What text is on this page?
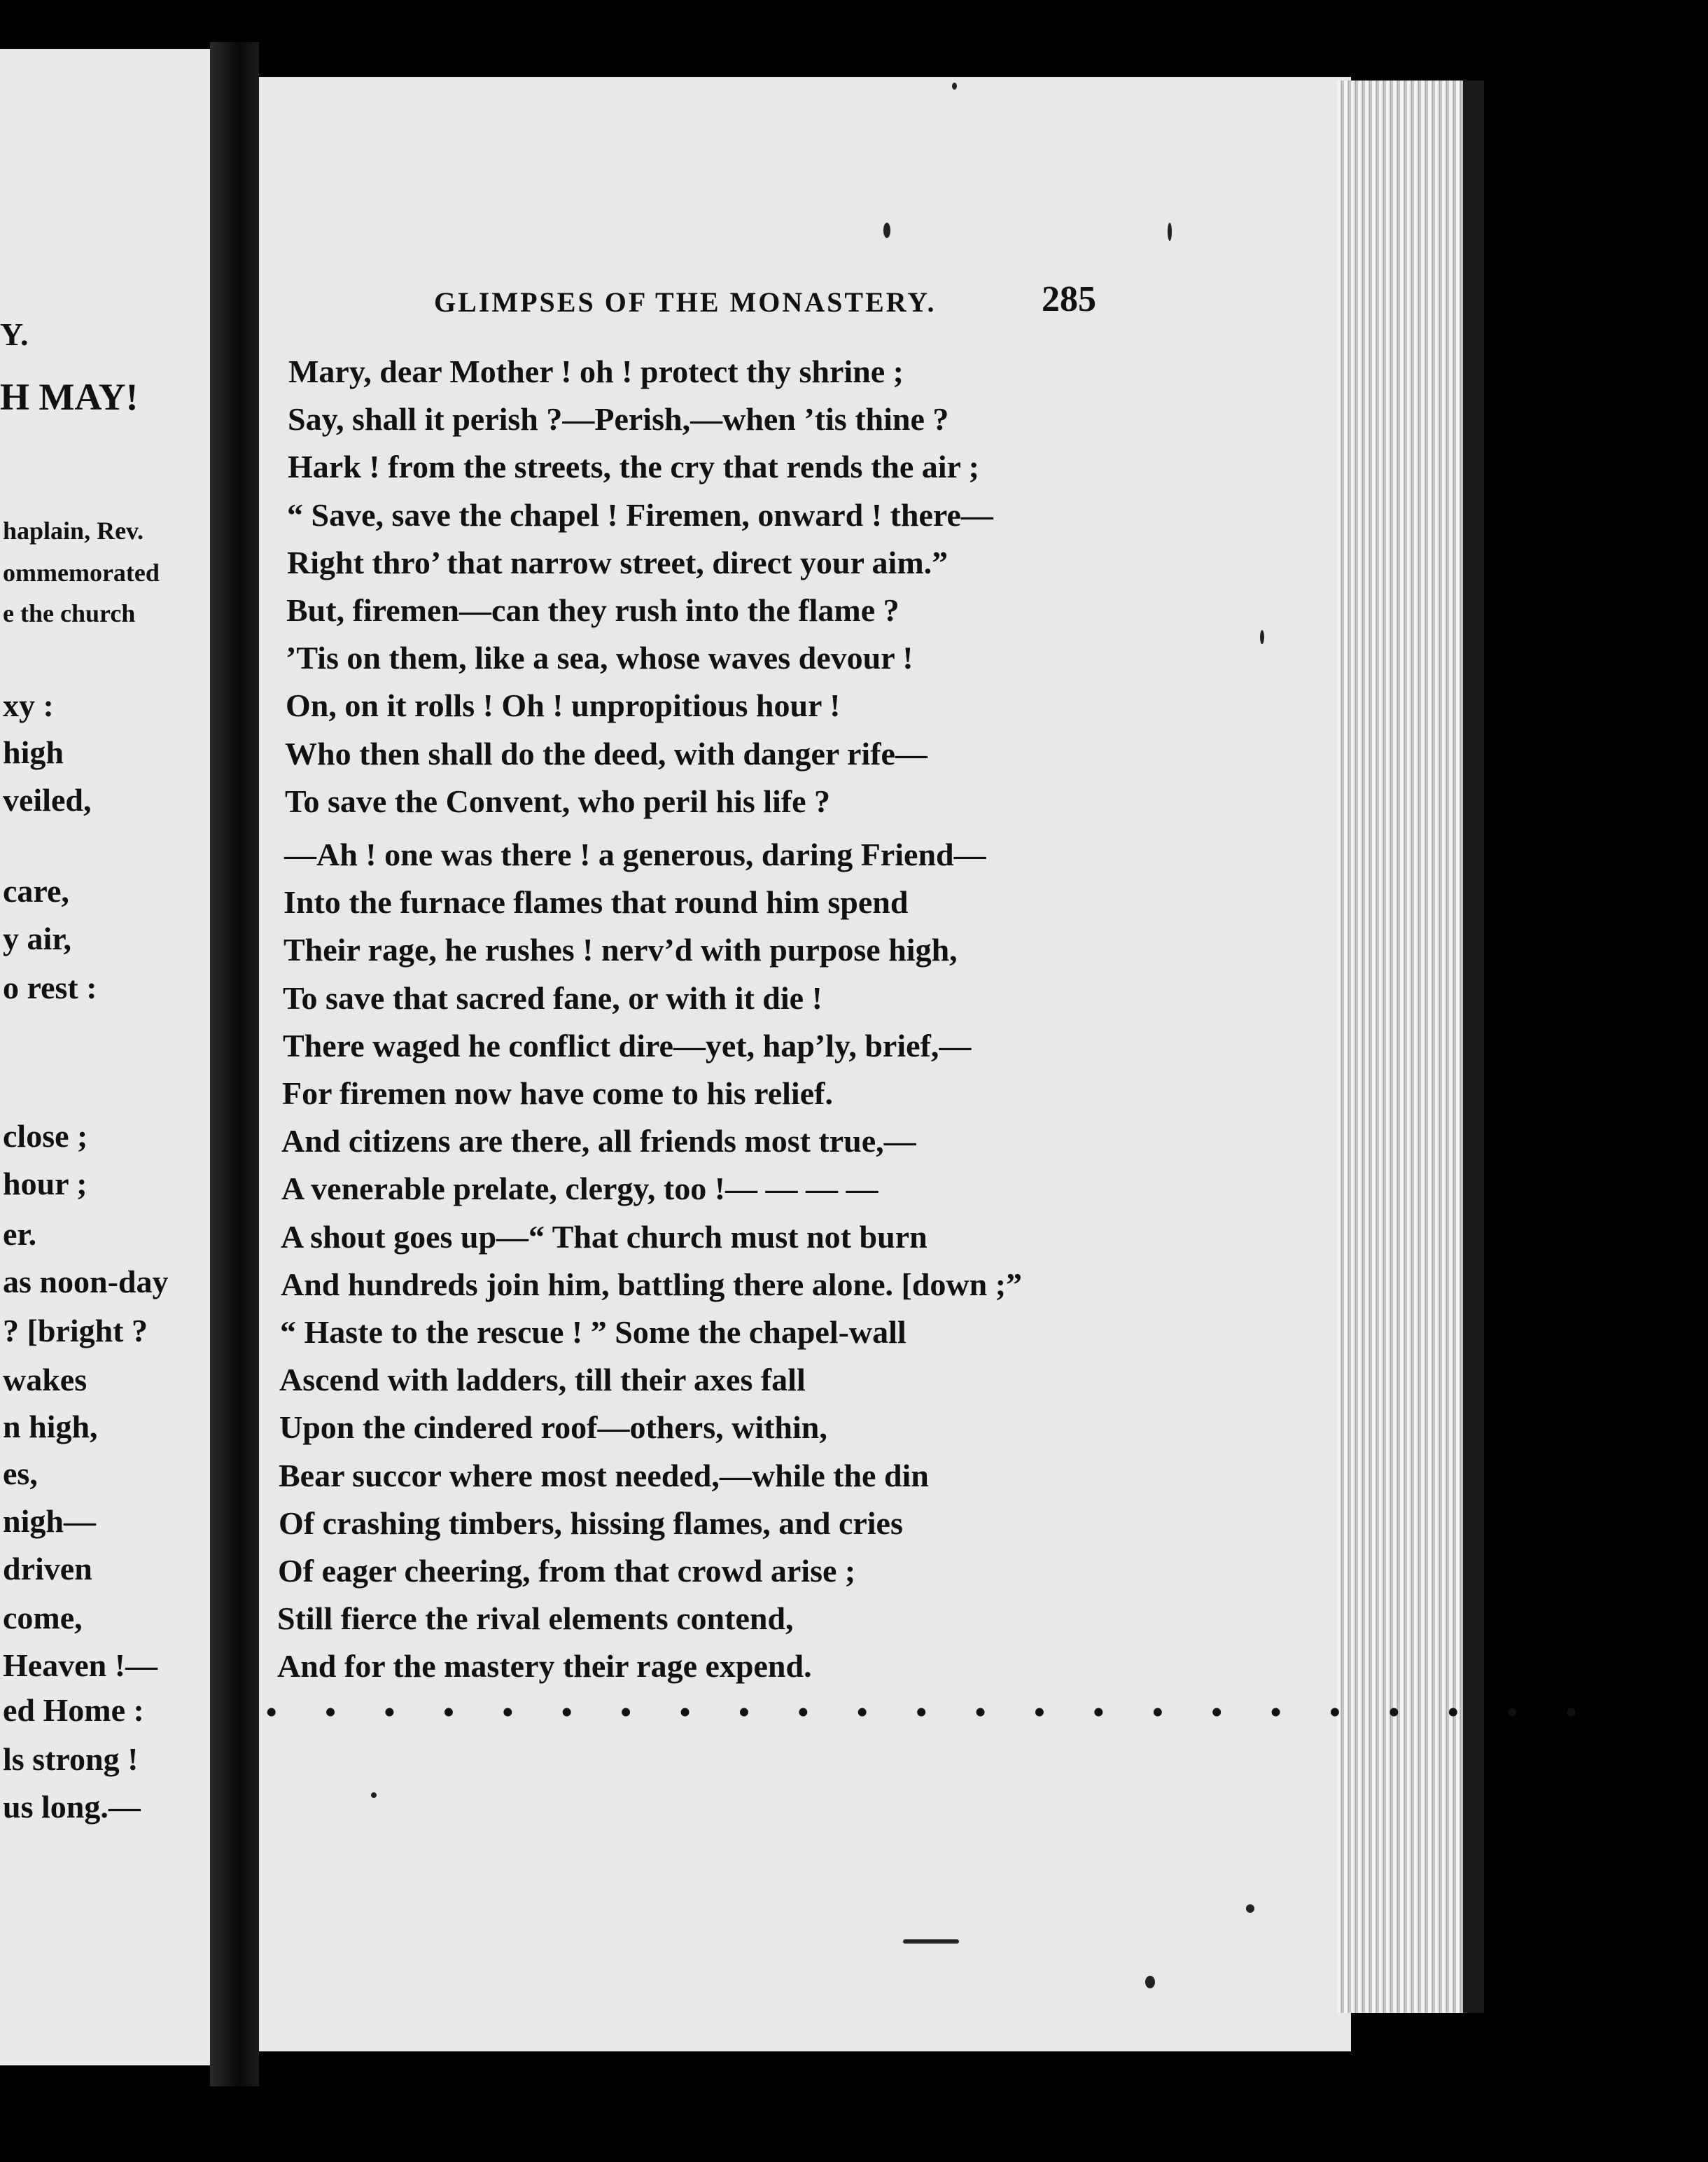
Y.
H MAY!
haplain, Rev.
ommemorated
e the church
xy :
high
veiled,
care,
y air,
o rest :
close ;
hour ;
er.
as noon-day
? [bright ?
wakes
n high,
es,
nigh—
driven
come,
Heaven !—
ed Home :
ls strong !
us long.—
GLIMPSES OF THE MONASTERY.	285
Mary, dear Mother ! oh ! protect thy shrine ;
Say, shall it perish ?—Perish,—when ’tis thine ?
Hark ! from the streets, the cry that rends the air ;
“ Save, save the chapel ! Firemen, onward ! there—
Right thro’ that narrow street, direct your aim.”
But, firemen—can they rush into the flame ?
’Tis on them, like a sea, whose waves devour !
On, on it rolls ! Oh ! unpropitious hour !
Who then shall do the deed, with danger rife—
To save the Convent, who peril his life ?
—Ah ! one was there ! a generous, daring Friend—
Into the furnace flames that round him spend
Their rage, he rushes ! nerv’d with purpose high,
To save that sacred fane, or with it die !
There waged he conflict dire—yet, hap’ly, brief,—
For firemen now have come to his relief.
And citizens are there, all friends most true,—
A venerable prelate, clergy, too !— — — —
A shout goes up—“ That church must not burn
And hundreds join him, battling there alone. [down ;”
“ Haste to the rescue ! ” Some the chapel-wall
Ascend with ladders, till their axes fall
Upon the cindered roof—others, within,
Bear succor where most needed,—while the din
Of crashing timbers, hissing flames, and cries
Of eager cheering, from that crowd arise ;
Still fierce the rival elements contend,
And for the mastery their rage expend.
• • • • • • • • • • • • • • • • • • • • • • •
